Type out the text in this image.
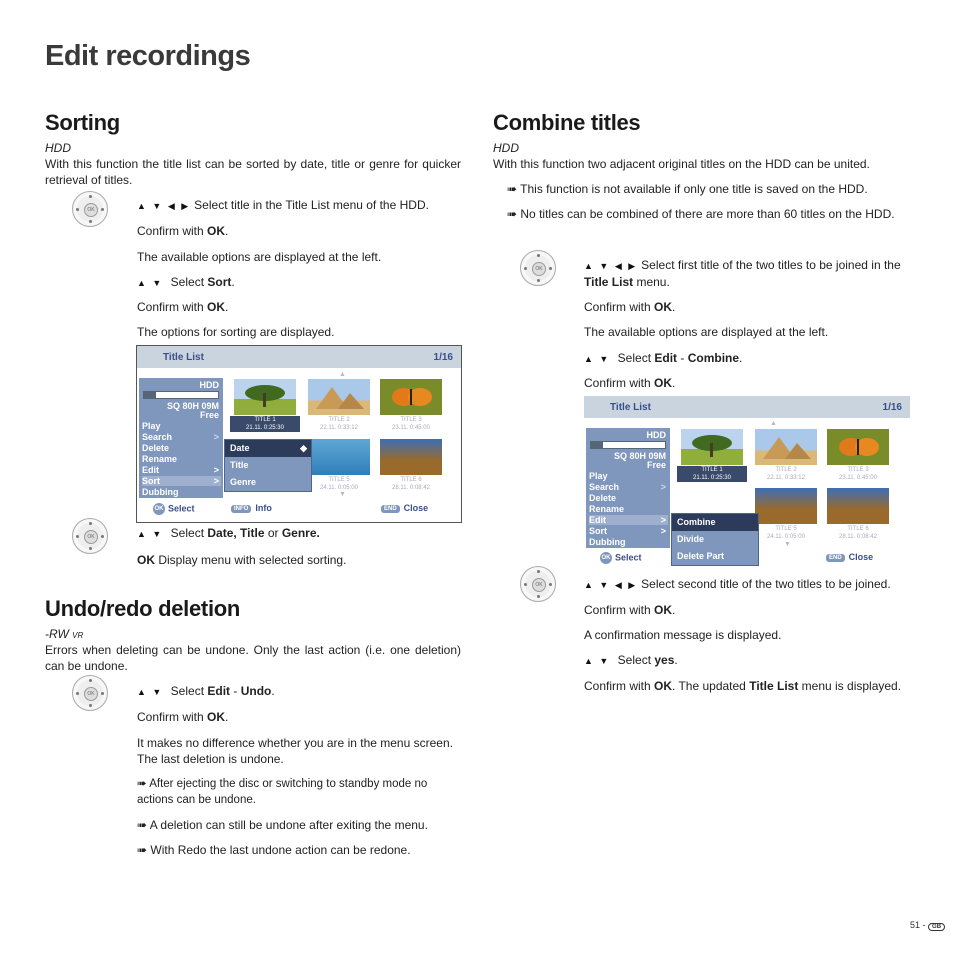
Edit recordings
Sorting
HDD
With this function the title list can be sorted by date, title or genre for quicker retrieval of titles.
OK	▲ ▼ ◀ ▶ Select title in the Title List menu of the HDD.
Confirm with OK.
The available options are displayed at the left.
▲ ▼ Select Sort.
Confirm with OK.
The options for sorting are displayed.
Title List	1/16
HDD
SQ 80H 09M
Free
Play
Search	>
Delete
Rename
Edit	>
Sort	>
Dubbing
▲
TITLE 1
21.11. 0:25:30
TITLE 2
22.11. 0:33:12
TITLE 3
23.11. 0:45:00
TITLE 5
24.11. 0:05:00
TITLE 6
28.11. 0:08:42
▼
Date	◆
Title
Genre
OK Select	INFO Info	END Close
OK	▲ ▼ Select Date, Title or Genre.
OK Display menu with selected sorting.
Undo/redo deletion
-RW VR
Errors when deleting can be undone. Only the last action (i.e. one deletion) can be undone.
OK	▲ ▼ Select Edit - Undo.
Confirm with OK.
It makes no difference whether you are in the menu screen. The last deletion is undone.
➠ After ejecting the disc or switching to standby mode no actions can be undone.
➠ A deletion can still be undone after exiting the menu.
➠ With Redo the last undone action can be redone.
Combine titles
HDD
With this function two adjacent original titles on the HDD can be united.
➠ This function is not available if only one title is saved on the HDD.
➠ No titles can be combined of there are more than 60 titles on the HDD.
OK	▲ ▼ ◀ ▶ Select first title of the two titles to be joined in the Title List menu.
Confirm with OK.
The available options are displayed at the left.
▲ ▼ Select Edit - Combine.
Confirm with OK.
Title List	1/16
HDD
SQ 80H 09M
Free
Play
Search	>
Delete
Rename
Edit	>
Sort	>
Dubbing
▲
TITLE 1
21.11. 0:25:30
TITLE 2
22.11. 0:33:12
TITLE 3
23.11. 0:45:00
TITLE 5
24.11. 0:05:00
TITLE 6
28.11. 0:08:42
▼
Combine
Divide
Delete Part
OK Select	END Close
OK	▲ ▼ ◀ ▶ Select second title of the two titles to be joined.
Confirm with OK.
A confirmation message is displayed.
▲ ▼ Select yes.
Confirm with OK. The updated Title List menu is displayed.
51 - GB
